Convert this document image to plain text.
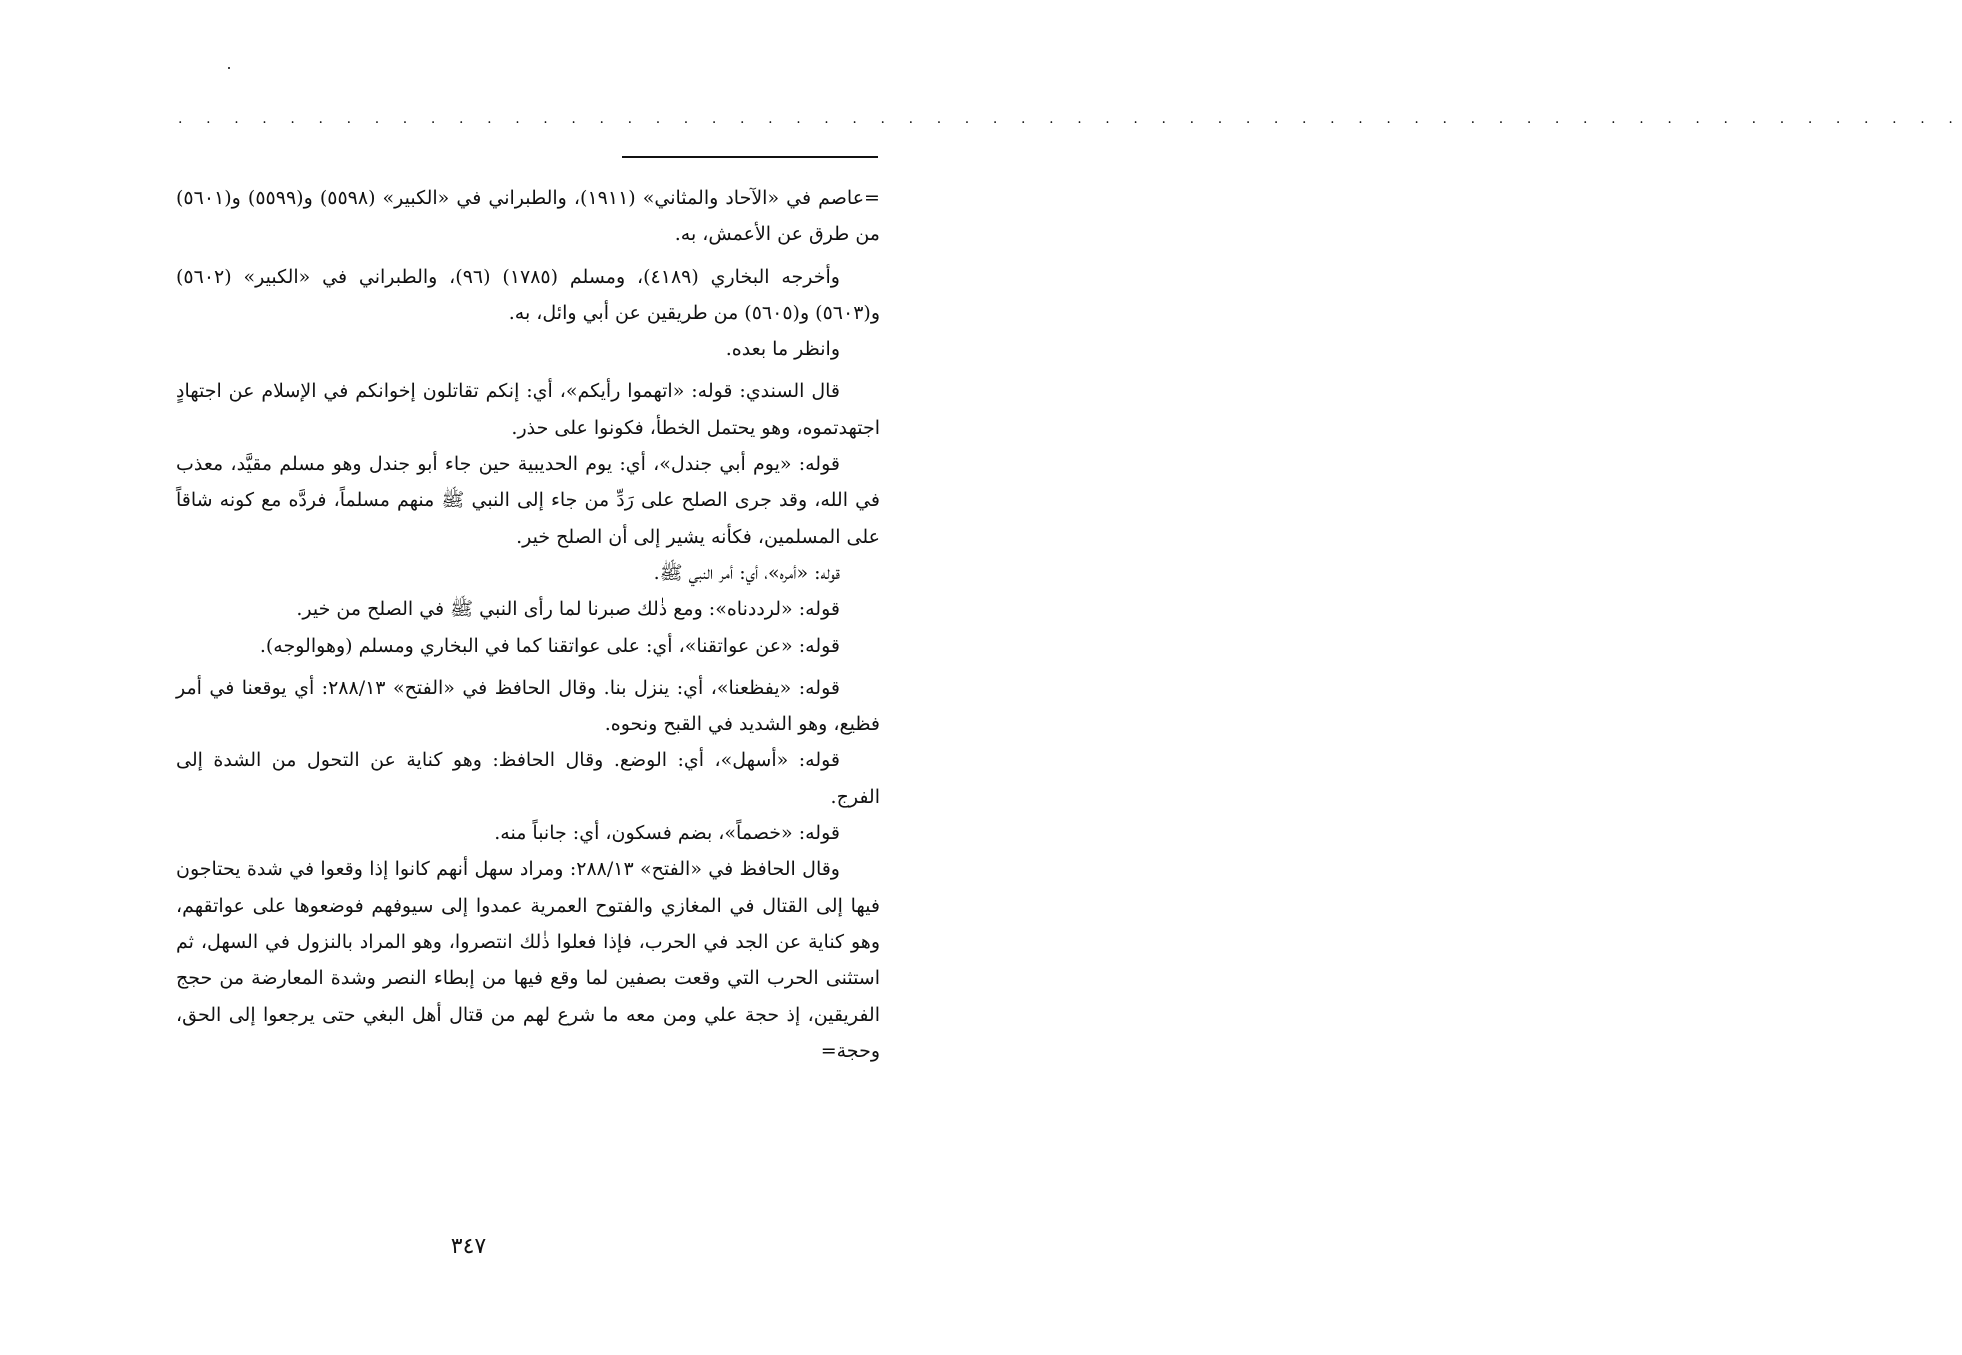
. . . . . . . . . . . . . . . . . . . . . . . . . . . . . . . . . . . . . . . . . . . . . . . . . . . . . . . . . . . . . . . .

=عاصم في «الآحاد والمثاني» (١٩١١)، والطبراني في «الكبير» (٥٥٩٨) و(٥٥٩٩) و(٥٦٠١) من طرق عن الأعمش، به.

وأخرجه البخاري (٤١٨٩)، ومسلم (١٧٨٥) (٩٦)، والطبراني في «الكبير» (٥٦٠٢) و(٥٦٠٣) و(٥٦٠٥) من طريقين عن أبي وائل، به.

وانظر ما بعده.

قال السندي: قوله: «اتهموا رأيكم»، أي: إنكم تقاتلون إخوانكم في الإسلام عن اجتهادٍ اجتهدتموه، وهو يحتمل الخطأ، فكونوا على حذر.

قوله: «يوم أبي جندل»، أي: يوم الحديبية حين جاء أبو جندل وهو مسلم مقيَّد، معذب في الله، وقد جرى الصلح على رَدِّ من جاء إلى النبي ﷺ منهم مسلماً، فردَّه مع كونه شاقاً على المسلمين، فكأنه يشير إلى أن الصلح خير.

قوله: «أمره»، أي: أمر النبي ﷺ.

قوله: «لرددناه»: ومع ذٰلك صبرنا لما رأى النبي ﷺ في الصلح من خير.

قوله: «عن عواتقنا»، أي: على عواتقنا كما في البخاري ومسلم (وهوالوجه).

قوله: «يفظعنا»، أي: ينزل بنا. وقال الحافظ في «الفتح» ٢٨٨/١٣: أي يوقعنا في أمر فظيع، وهو الشديد في القبح ونحوه.

قوله: «أسهل»، أي: الوضع. وقال الحافظ: وهو كناية عن التحول من الشدة إلى الفرج.

قوله: «خصماً»، بضم فسكون، أي: جانباً منه.

وقال الحافظ في «الفتح» ٢٨٨/١٣: ومراد سهل أنهم كانوا إذا وقعوا في شدة يحتاجون فيها إلى القتال في المغازي والفتوح العمرية عمدوا إلى سيوفهم فوضعوها على عواتقهم، وهو كناية عن الجد في الحرب، فإذا فعلوا ذٰلك انتصروا، وهو المراد بالنزول في السهل، ثم استثنى الحرب التي وقعت بصفين لما وقع فيها من إبطاء النصر وشدة المعارضة من حجج الفريقين، إذ حجة علي ومن معه ما شرع لهم من قتال أهل البغي حتى يرجعوا إلى الحق، وحجة=

٣٤٧
